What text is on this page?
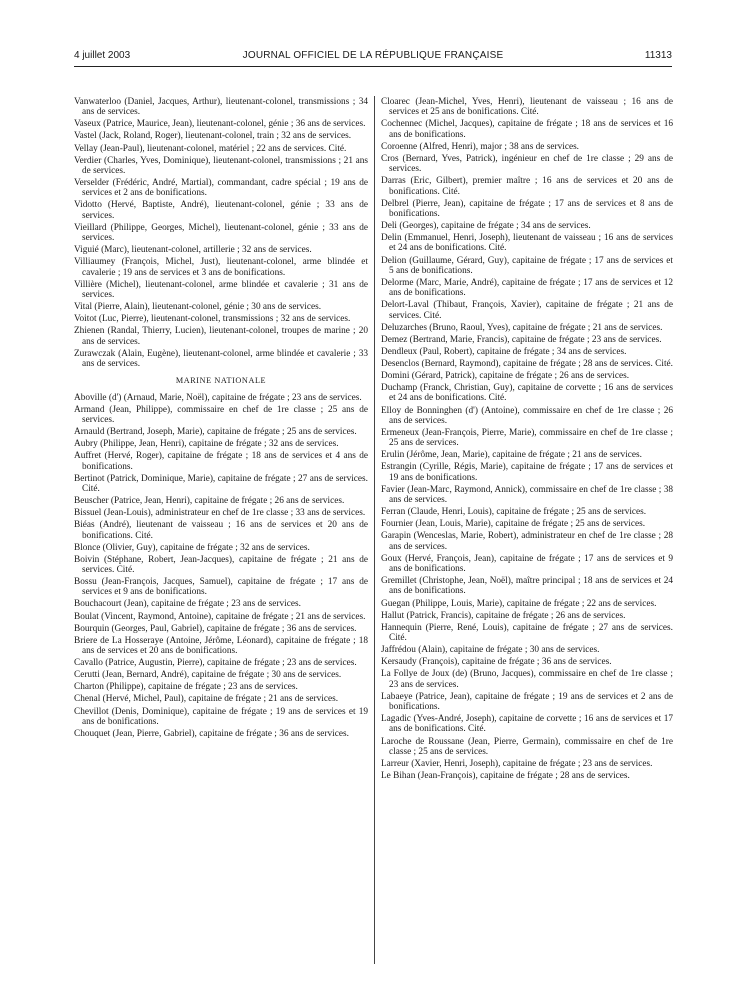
4 juillet 2003	JOURNAL OFFICIEL DE LA RÉPUBLIQUE FRANÇAISE	11313

Vanwaterloo (Daniel, Jacques, Arthur), lieutenant-colonel, transmissions ; 34 ans de services.

Vaseux (Patrice, Maurice, Jean), lieutenant-colonel, génie ; 36 ans de services.

Vastel (Jack, Roland, Roger), lieutenant-colonel, train ; 32 ans de services.

Vellay (Jean-Paul), lieutenant-colonel, matériel ; 22 ans de services. Cité.

Verdier (Charles, Yves, Dominique), lieutenant-colonel, transmissions ; 21 ans de services.

Verselder (Frédéric, André, Martial), commandant, cadre spécial ; 19 ans de services et 2 ans de bonifications.

Vidotto (Hervé, Baptiste, André), lieutenant-colonel, génie ; 33 ans de services.

Vieillard (Philippe, Georges, Michel), lieutenant-colonel, génie ; 33 ans de services.

Viguié (Marc), lieutenant-colonel, artillerie ; 32 ans de services.

Villiaumey (François, Michel, Just), lieutenant-colonel, arme blindée et cavalerie ; 19 ans de services et 3 ans de bonifications.

Villière (Michel), lieutenant-colonel, arme blindée et cavalerie ; 31 ans de services.

Vital (Pierre, Alain), lieutenant-colonel, génie ; 30 ans de services.

Voitot (Luc, Pierre), lieutenant-colonel, transmissions ; 32 ans de services.

Zhienen (Randal, Thierry, Lucien), lieutenant-colonel, troupes de marine ; 20 ans de services.

Zurawczak (Alain, Eugène), lieutenant-colonel, arme blindée et cavalerie ; 33 ans de services.

MARINE NATIONALE

Aboville (d') (Arnaud, Marie, Noël), capitaine de frégate ; 23 ans de services.

Armand (Jean, Philippe), commissaire en chef de 1re classe ; 25 ans de services.

Arnauld (Bertrand, Joseph, Marie), capitaine de frégate ; 25 ans de services.

Aubry (Philippe, Jean, Henri), capitaine de frégate ; 32 ans de services.

Auffret (Hervé, Roger), capitaine de frégate ; 18 ans de services et 4 ans de bonifications.

Bertinot (Patrick, Dominique, Marie), capitaine de frégate ; 27 ans de services. Cité.

Beuscher (Patrice, Jean, Henri), capitaine de frégate ; 26 ans de services.

Bissuel (Jean-Louis), administrateur en chef de 1re classe ; 33 ans de services.

Biéas (André), lieutenant de vaisseau ; 16 ans de services et 20 ans de bonifications. Cité.

Blonce (Olivier, Guy), capitaine de frégate ; 32 ans de services.

Boivin (Stéphane, Robert, Jean-Jacques), capitaine de frégate ; 21 ans de services. Cité.

Bossu (Jean-François, Jacques, Samuel), capitaine de frégate ; 17 ans de services et 9 ans de bonifications.

Bouchacourt (Jean), capitaine de frégate ; 23 ans de services.

Boulat (Vincent, Raymond, Antoine), capitaine de frégate ; 21 ans de services.

Bourquin (Georges, Paul, Gabriel), capitaine de frégate ; 36 ans de services.

Briere de La Hosseraye (Antoine, Jérôme, Léonard), capitaine de frégate ; 18 ans de services et 20 ans de bonifications.

Cavallo (Patrice, Augustin, Pierre), capitaine de frégate ; 23 ans de services.

Cerutti (Jean, Bernard, André), capitaine de frégate ; 30 ans de services.

Charton (Philippe), capitaine de frégate ; 23 ans de services.

Chenal (Hervé, Michel, Paul), capitaine de frégate ; 21 ans de services.

Chevillot (Denis, Dominique), capitaine de frégate ; 19 ans de services et 19 ans de bonifications.

Chouquet (Jean, Pierre, Gabriel), capitaine de frégate ; 36 ans de services.

Cloarec (Jean-Michel, Yves, Henri), lieutenant de vaisseau ; 16 ans de services et 25 ans de bonifications. Cité.

Cochennec (Michel, Jacques), capitaine de frégate ; 18 ans de services et 16 ans de bonifications.

Coroenne (Alfred, Henri), major ; 38 ans de services.

Cros (Bernard, Yves, Patrick), ingénieur en chef de 1re classe ; 29 ans de services.

Darras (Eric, Gilbert), premier maître ; 16 ans de services et 20 ans de bonifications. Cité.

Delbrel (Pierre, Jean), capitaine de frégate ; 17 ans de services et 8 ans de bonifications.

Deli (Georges), capitaine de frégate ; 34 ans de services.

Delin (Emmanuel, Henri, Joseph), lieutenant de vaisseau ; 16 ans de services et 24 ans de bonifications. Cité.

Delion (Guillaume, Gérard, Guy), capitaine de frégate ; 17 ans de services et 5 ans de bonifications.

Delorme (Marc, Marie, André), capitaine de frégate ; 17 ans de services et 12 ans de bonifications.

Delort-Laval (Thibaut, François, Xavier), capitaine de frégate ; 21 ans de services. Cité.

Deluzarches (Bruno, Raoul, Yves), capitaine de frégate ; 21 ans de services.

Demez (Bertrand, Marie, Francis), capitaine de frégate ; 23 ans de services.

Dendleux (Paul, Robert), capitaine de frégate ; 34 ans de services.

Desenclos (Bernard, Raymond), capitaine de frégate ; 28 ans de services. Cité.

Domini (Gérard, Patrick), capitaine de frégate ; 26 ans de services.

Duchamp (Franck, Christian, Guy), capitaine de corvette ; 16 ans de services et 24 ans de bonifications. Cité.

Elloy de Bonninghen (d') (Antoine), commissaire en chef de 1re classe ; 26 ans de services.

Ermeneux (Jean-François, Pierre, Marie), commissaire en chef de 1re classe ; 25 ans de services.

Erulin (Jérôme, Jean, Marie), capitaine de frégate ; 21 ans de services.

Estrangin (Cyrille, Régis, Marie), capitaine de frégate ; 17 ans de services et 19 ans de bonifications.

Favier (Jean-Marc, Raymond, Annick), commissaire en chef de 1re classe ; 38 ans de services.

Ferran (Claude, Henri, Louis), capitaine de frégate ; 25 ans de services.

Fournier (Jean, Louis, Marie), capitaine de frégate ; 25 ans de services.

Garapin (Wenceslas, Marie, Robert), administrateur en chef de 1re classe ; 28 ans de services.

Goux (Hervé, François, Jean), capitaine de frégate ; 17 ans de services et 9 ans de bonifications.

Gremillet (Christophe, Jean, Noël), maître principal ; 18 ans de services et 24 ans de bonifications.

Guegan (Philippe, Louis, Marie), capitaine de frégate ; 22 ans de services.

Hallut (Patrick, Francis), capitaine de frégate ; 26 ans de services.

Hannequin (Pierre, René, Louis), capitaine de frégate ; 27 ans de services. Cité.

Jaffrédou (Alain), capitaine de frégate ; 30 ans de services.

Kersaudy (François), capitaine de frégate ; 36 ans de services.

La Follye de Joux (de) (Bruno, Jacques), commissaire en chef de 1re classe ; 23 ans de services.

Labaeye (Patrice, Jean), capitaine de frégate ; 19 ans de services et 2 ans de bonifications.

Lagadic (Yves-André, Joseph), capitaine de corvette ; 16 ans de services et 17 ans de bonifications. Cité.

Laroche de Roussane (Jean, Pierre, Germain), commissaire en chef de 1re classe ; 25 ans de services.

Larreur (Xavier, Henri, Joseph), capitaine de frégate ; 23 ans de services.

Le Bihan (Jean-François), capitaine de frégate ; 28 ans de services.
